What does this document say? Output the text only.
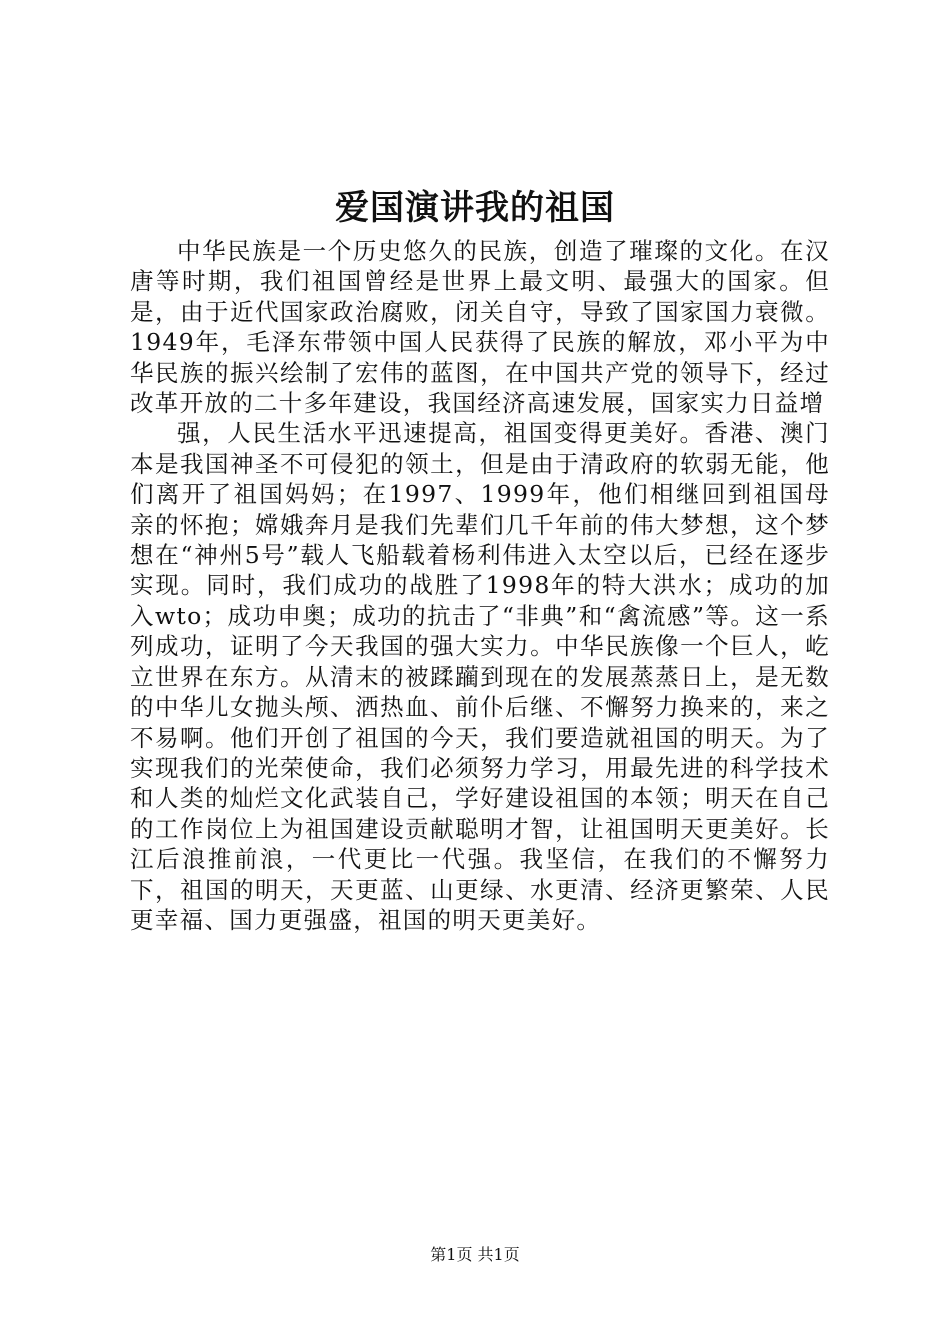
爱国演讲我的祖国

中华民族是一个历史悠久的民族，创造了璀璨的文化。在汉唐等时期，我们祖国曾经是世界上最文明、最强大的国家。但是，由于近代国家政治腐败，闭关自守，导致了国家国力衰微。1949年，毛泽东带领中国人民获得了民族的解放，邓小平为中华民族的振兴绘制了宏伟的蓝图，在中国共产党的领导下，经过改革开放的二十多年建设，我国经济高速发展，国家实力日益增

强，人民生活水平迅速提高，祖国变得更美好。香港、澳门本是我国神圣不可侵犯的领土，但是由于清政府的软弱无能，他们离开了祖国妈妈；在1997、1999年，他们相继回到祖国母亲的怀抱；嫦娥奔月是我们先辈们几千年前的伟大梦想，这个梦想在“神州5号”载人飞船载着杨利伟进入太空以后，已经在逐步实现。同时，我们成功的战胜了1998年的特大洪水；成功的加入wto；成功申奥；成功的抗击了“非典”和“禽流感”等。这一系列成功，证明了今天我国的强大实力。中华民族像一个巨人，屹立世界在东方。从清末的被蹂躏到现在的发展蒸蒸日上，是无数的中华儿女抛头颅、洒热血、前仆后继、不懈努力换来的，来之不易啊。他们开创了祖国的今天，我们要造就祖国的明天。为了实现我们的光荣使命，我们必须努力学习，用最先进的科学技术和人类的灿烂文化武装自己，学好建设祖国的本领；明天在自己的工作岗位上为祖国建设贡献聪明才智，让祖国明天更美好。长江后浪推前浪，一代更比一代强。我坚信，在我们的不懈努力下，祖国的明天，天更蓝、山更绿、水更清、经济更繁荣、人民更幸福、国力更强盛，祖国的明天更美好。

第1页 共1页
